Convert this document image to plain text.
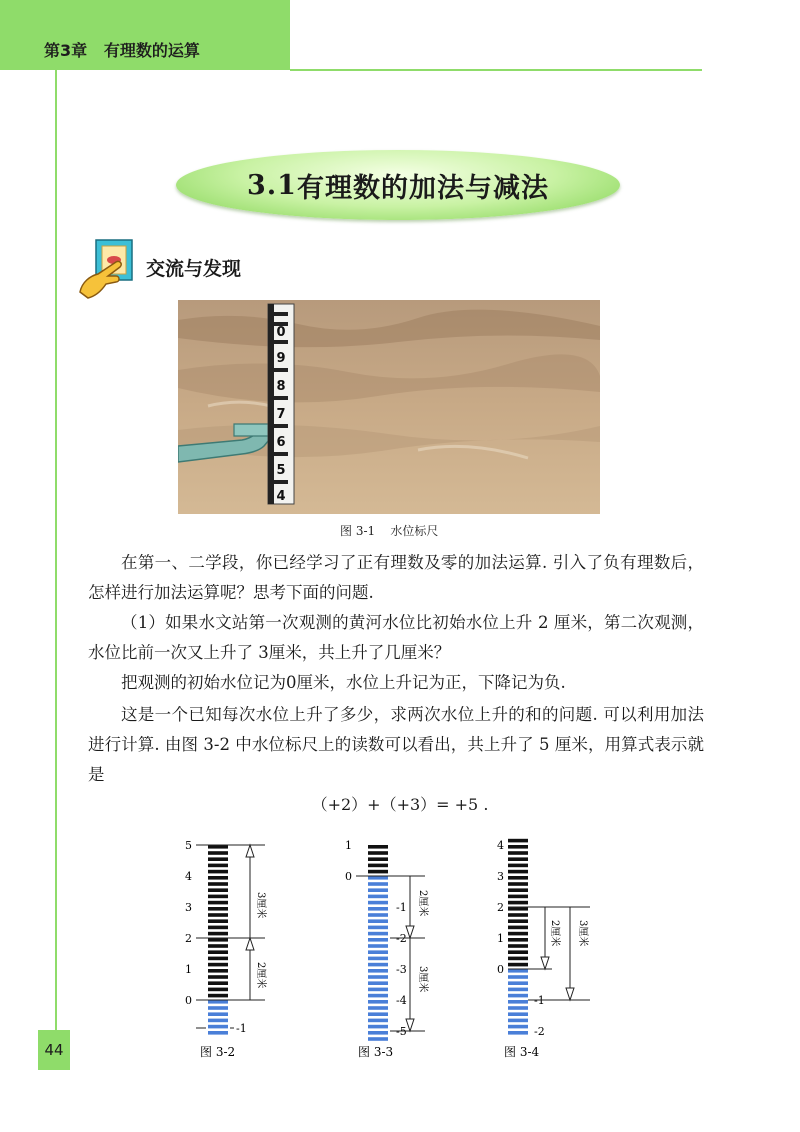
第3章 有理数的运算
3.1 有理数的加法与减法
交流与发现
0
9
8
7
6
5
4
图 3-1    水位标尺

在第一、二学段，你已经学习了正有理数及零的加法运算. 引入了负有理数后，怎样进行加法运算呢？思考下面的问题.

（1）如果水文站第一次观测的黄河水位比初始水位上升 2 厘米，第二次观测，水位比前一次又上升了 3厘米，共上升了几厘米？

把观测的初始水位记为0厘米，水位上升记为正，下降记为负.

这是一个已知每次水位上升了多少，求两次水位上升的和的问题. 可以利用加法进行计算. 由图 3-2 中水位标尺上的读数可以看出，共上升了 5 厘米，用算式表示就是

（+2）+（+3）= +5 .
5
4
3
2
1
0
-1
3厘米
2厘米
图 3-2
1
0
-1
-2
-3
-4
-5
2厘米
3厘米
图 3-3
4
3
2
1
0
-1
-2
2厘米 3厘米
图 3-4
44
